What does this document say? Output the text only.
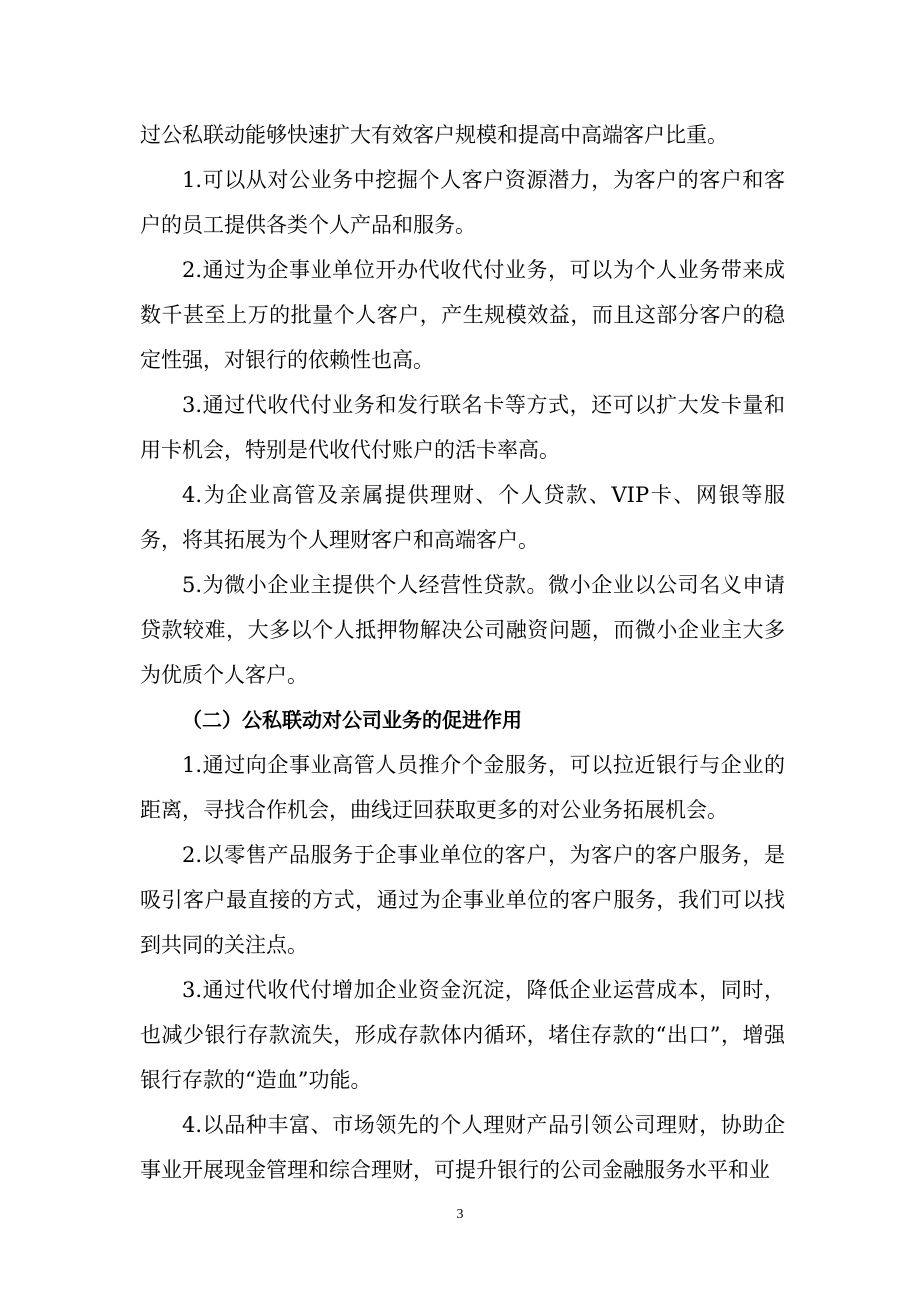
过公私联动能够快速扩大有效客户规模和提高中高端客户比重。

1.可以从对公业务中挖掘个人客户资源潜力，为客户的客户和客户的员工提供各类个人产品和服务。

2.通过为企事业单位开办代收代付业务，可以为个人业务带来成数千甚至上万的批量个人客户，产生规模效益，而且这部分客户的稳定性强，对银行的依赖性也高。

3.通过代收代付业务和发行联名卡等方式，还可以扩大发卡量和用卡机会，特别是代收代付账户的活卡率高。

4.为企业高管及亲属提供理财、个人贷款、VIP卡、网银等服务，将其拓展为个人理财客户和高端客户。

5.为微小企业主提供个人经营性贷款。微小企业以公司名义申请贷款较难，大多以个人抵押物解决公司融资问题，而微小企业主大多为优质个人客户。

（二）公私联动对公司业务的促进作用

1.通过向企事业高管人员推介个金服务，可以拉近银行与企业的距离，寻找合作机会，曲线迂回获取更多的对公业务拓展机会。

2.以零售产品服务于企事业单位的客户，为客户的客户服务，是吸引客户最直接的方式，通过为企事业单位的客户服务，我们可以找到共同的关注点。

3.通过代收代付增加企业资金沉淀，降低企业运营成本，同时，也减少银行存款流失，形成存款体内循环，堵住存款的“出口”，增强银行存款的“造血”功能。

4.以品种丰富、市场领先的个人理财产品引领公司理财，协助企事业开展现金管理和综合理财，可提升银行的公司金融服务水平和业

3
